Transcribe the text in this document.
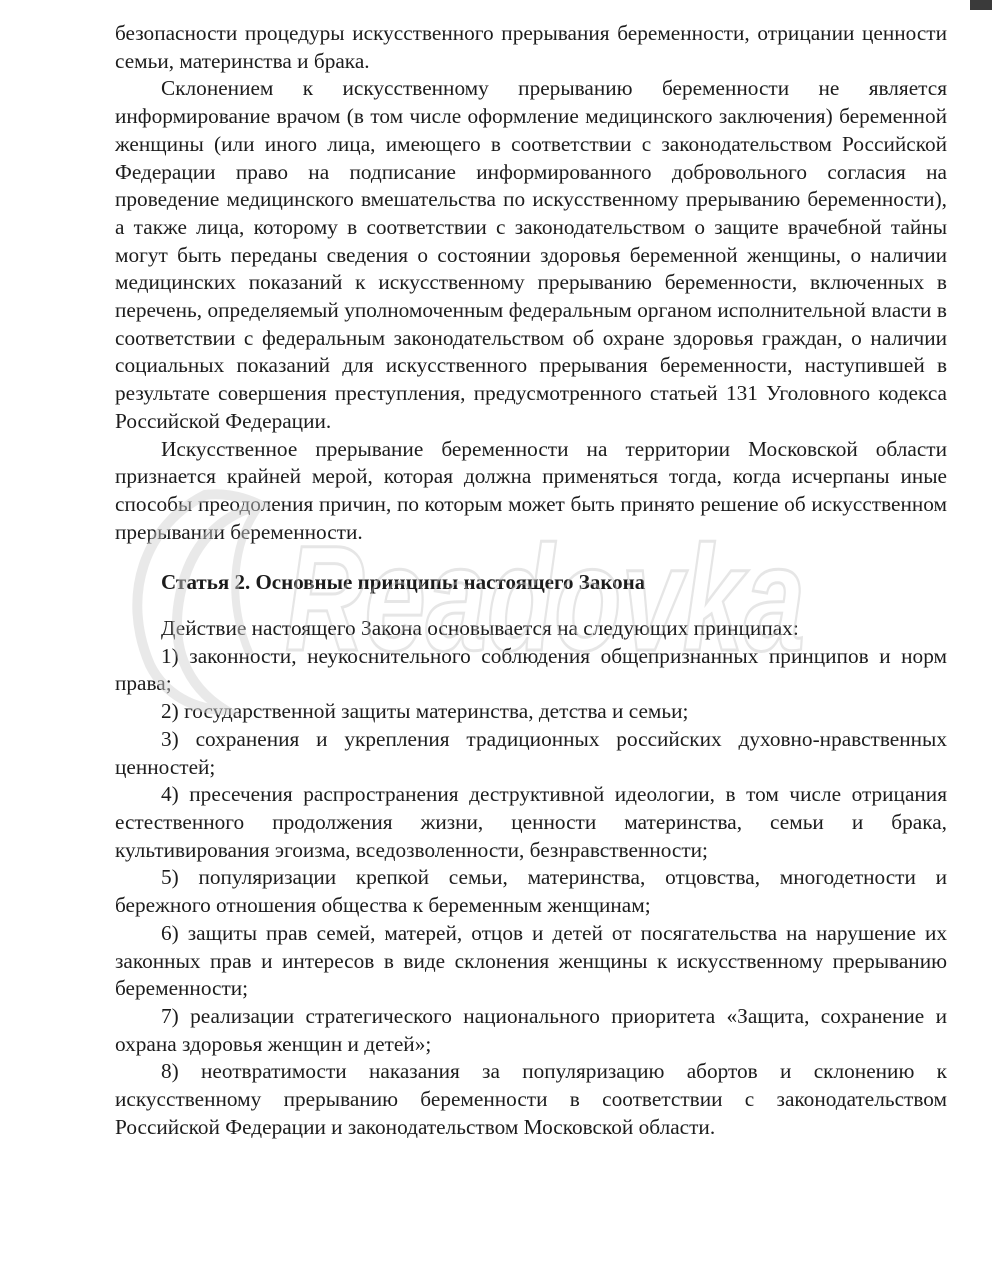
безопасности процедуры искусственного прерывания беременности, отрицании ценности семьи, материнства и брака.

Склонением к искусственному прерыванию беременности не является информирование врачом (в том числе оформление медицинского заключения) беременной женщины (или иного лица, имеющего в соответствии с законодательством Российской Федерации право на подписание информированного добровольного согласия на проведение медицинского вмешательства по искусственному прерыванию беременности), а также лица, которому в соответствии с законодательством о защите врачебной тайны могут быть переданы сведения о состоянии здоровья беременной женщины, о наличии медицинских показаний к искусственному прерыванию беременности, включенных в перечень, определяемый уполномоченным федеральным органом исполнительной власти в соответствии с федеральным законодательством об охране здоровья граждан, о наличии социальных показаний для искусственного прерывания беременности, наступившей в результате совершения преступления, предусмотренного статьей 131 Уголовного кодекса Российской Федерации.

Искусственное прерывание беременности на территории Московской области признается крайней мерой, которая должна применяться тогда, когда исчерпаны иные способы преодоления причин, по которым может быть принято решение об искусственном прерывании беременности.

Статья 2. Основные принципы настоящего Закона

Действие настоящего Закона основывается на следующих принципах:

1) законности, неукоснительного соблюдения общепризнанных принципов и норм права;

2) государственной защиты материнства, детства и семьи;

3) сохранения и укрепления традиционных российских духовно-нравственных ценностей;

4) пресечения распространения деструктивной идеологии, в том числе отрицания естественного продолжения жизни, ценности материнства, семьи и брака, культивирования эгоизма, вседозволенности, безнравственности;

5) популяризации крепкой семьи, материнства, отцовства, многодетности и бережного отношения общества к беременным женщинам;

6) защиты прав семей, матерей, отцов и детей от посягательства на нарушение их законных прав и интересов в виде склонения женщины к искусственному прерыванию беременности;

7) реализации стратегического национального приоритета «Защита, сохранение и охрана здоровья женщин и детей»;

8) неотвратимости наказания за популяризацию абортов и склонению к искусственному прерыванию беременности в соответствии с законодательством Российской Федерации и законодательством Московской области.

Readovka
